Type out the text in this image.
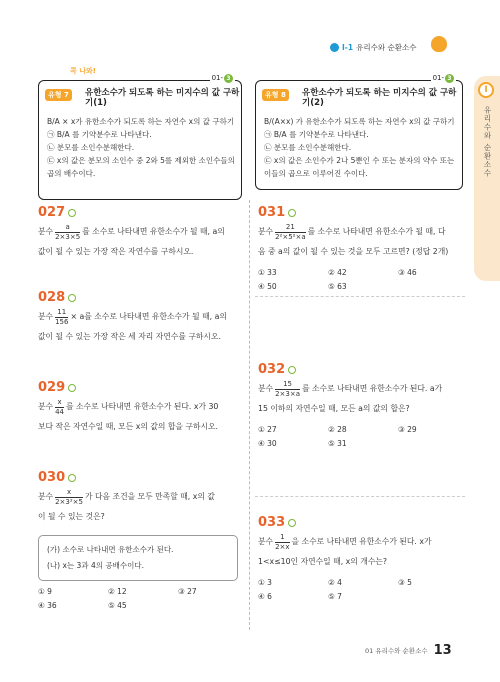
I-1 유리수와 순환소수
I
유리수와 순환소수
콕 나와!
유형 7	유한소수가 되도록 하는 미지수의 값 구하기(1)
01- 3
B/A × x가 유한소수가 되도록 하는 자연수 x의 값 구하기
㉠ B/A 를 기약분수로 나타낸다.
㉡ 분모를 소인수분해한다.
㉢ x의 값은 분모의 소인수 중 2와 5를 제외한 소인수들의
곱의 배수이다.
유형 8	유한소수가 되도록 하는 미지수의 값 구하기(2)
01- 3
B/(A×x) 가 유한소수가 되도록 하는 자연수 x의 값 구하기
㉠ B/A 를 기약분수로 나타낸다.
㉡ 분모를 소인수분해한다.
㉢ x의 값은 소인수가 2나 5뿐인 수 또는 분자의 약수 또는
이들의 곱으로 이루어진 수이다.
027
분수 $\frac{a}{2\times 3\times 5}$ 를 소수로 나타내면 유한소수가 될 때, a의
값이 될 수 있는 가장 작은 자연수를 구하시오.
028
분수 $\frac{11}{156} \times a$를 소수로 나타내면 유한소수가 될 때, a의
값이 될 수 있는 가장 작은 세 자리 자연수를 구하시오.
029
분수 $\frac{x}{44}$ 를 소수로 나타내면 유한소수가 된다. x가 30
보다 작은 자연수일 때, 모든 x의 값의 합을 구하시오.
030
분수 $\frac{x}{\text{2×3²×5}}$ 가 다음 조건을 모두 만족할 때, x의 값
이 될 수 있는 것은?
(가) 소수로 나타내면 유한소수가 된다.
(나) x는 3과 4의 공배수이다.
① 9	② 12	③ 27
④ 36	⑤ 45
031
분수 $\frac{21}{\text{2²×5²×a}}$ 를 소수로 나타내면 유한소수가 될 때, 다
음 중 a의 값이 될 수 있는 것을 모두 고르면? (정답 2개)
① 33	② 42	③ 46
④ 50	⑤ 63
032
분수 $\frac{15}{2\times 3\times a}$ 를 소수로 나타내면 유한소수가 된다. a가
15 이하의 자연수일 때, 모든 a의 값의 합은?
① 27	② 28	③ 29
④ 30	⑤ 31
033
분수 $\frac{1}{2\times x}$ 을 소수로 나타내면 유한소수가 된다. x가
1<x≤10인 자연수일 때, x의 개수는?
① 3	② 4	③ 5
④ 6	⑤ 7
01 유리수와 순환소수 13
